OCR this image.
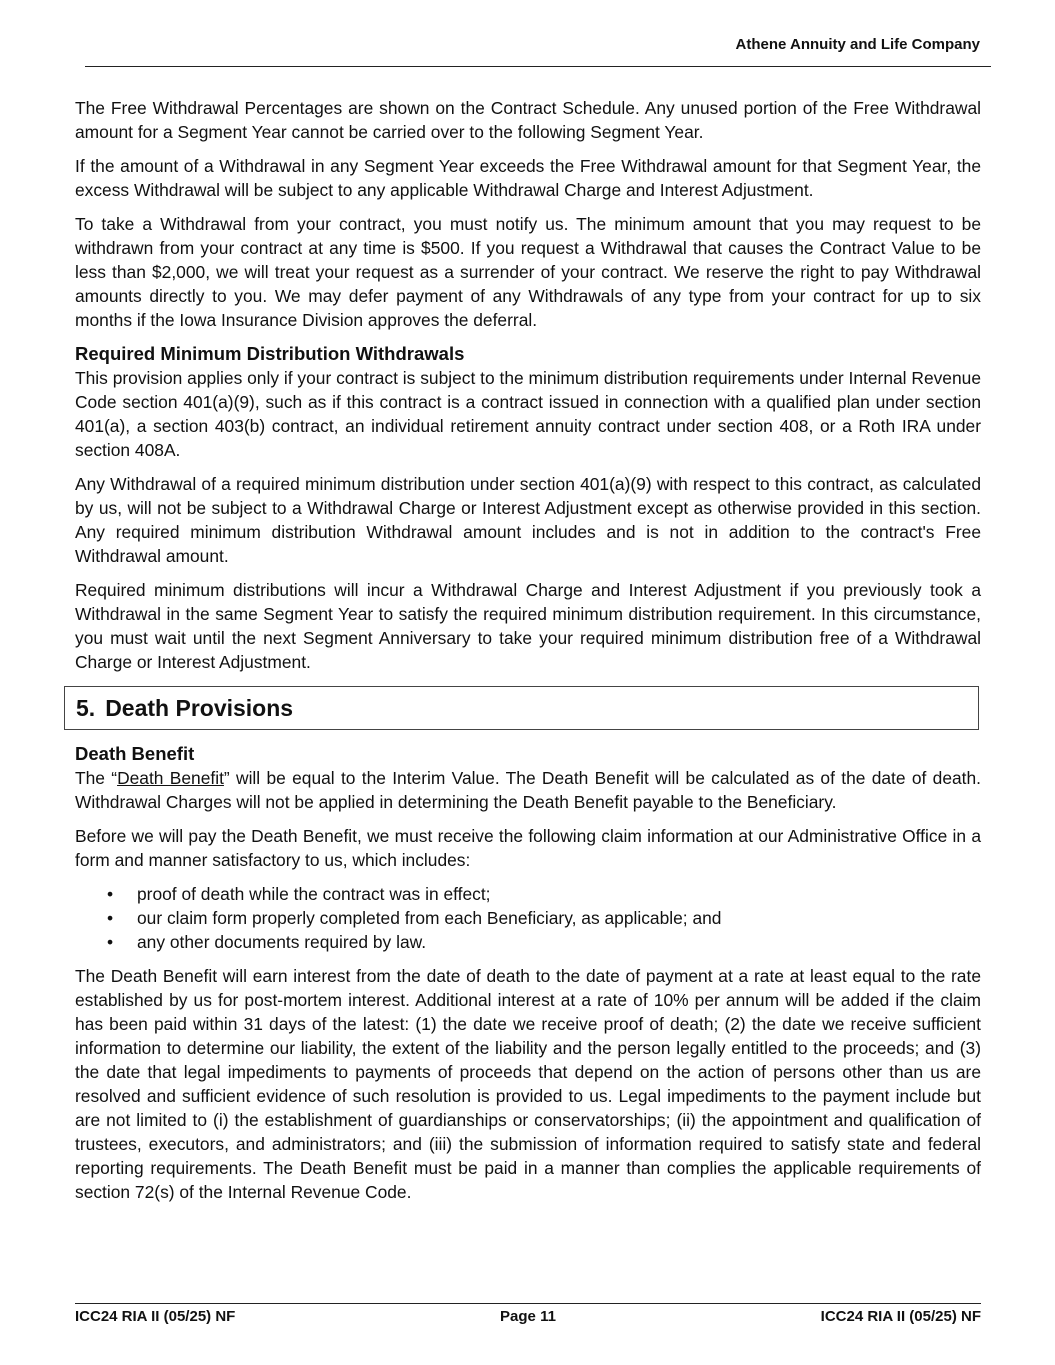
Athene Annuity and Life Company

The Free Withdrawal Percentages are shown on the Contract Schedule. Any unused portion of the Free Withdrawal amount for a Segment Year cannot be carried over to the following Segment Year.

If the amount of a Withdrawal in any Segment Year exceeds the Free Withdrawal amount for that Segment Year, the excess Withdrawal will be subject to any applicable Withdrawal Charge and Interest Adjustment.

To take a Withdrawal from your contract, you must notify us. The minimum amount that you may request to be withdrawn from your contract at any time is $500. If you request a Withdrawal that causes the Contract Value to be less than $2,000, we will treat your request as a surrender of your contract. We reserve the right to pay Withdrawal amounts directly to you. We may defer payment of any Withdrawals of any type from your contract for up to six months if the Iowa Insurance Division approves the deferral.

Required Minimum Distribution Withdrawals

This provision applies only if your contract is subject to the minimum distribution requirements under Internal Revenue Code section 401(a)(9), such as if this contract is a contract issued in connection with a qualified plan under section 401(a), a section 403(b) contract, an individual retirement annuity contract under section 408, or a Roth IRA under section 408A.

Any Withdrawal of a required minimum distribution under section 401(a)(9) with respect to this contract, as calculated by us, will not be subject to a Withdrawal Charge or Interest Adjustment except as otherwise provided in this section. Any required minimum distribution Withdrawal amount includes and is not in addition to the contract's Free Withdrawal amount.

Required minimum distributions will incur a Withdrawal Charge and Interest Adjustment if you previously took a Withdrawal in the same Segment Year to satisfy the required minimum distribution requirement. In this circumstance, you must wait until the next Segment Anniversary to take your required minimum distribution free of a Withdrawal Charge or Interest Adjustment.

5. Death Provisions
Death Benefit

The “Death Benefit” will be equal to the Interim Value. The Death Benefit will be calculated as of the date of death. Withdrawal Charges will not be applied in determining the Death Benefit payable to the Beneficiary.

Before we will pay the Death Benefit, we must receive the following claim information at our Administrative Office in a form and manner satisfactory to us, which includes:

• proof of death while the contract was in effect;
• our claim form properly completed from each Beneficiary, as applicable; and
• any other documents required by law.

The Death Benefit will earn interest from the date of death to the date of payment at a rate at least equal to the rate established by us for post-mortem interest. Additional interest at a rate of 10% per annum will be added if the claim has been paid within 31 days of the latest: (1) the date we receive proof of death; (2) the date we receive sufficient information to determine our liability, the extent of the liability and the person legally entitled to the proceeds; and (3) the date that legal impediments to payments of proceeds that depend on the action of persons other than us are resolved and sufficient evidence of such resolution is provided to us. Legal impediments to the payment include but are not limited to (i) the establishment of guardianships or conservatorships; (ii) the appointment and qualification of trustees, executors, and administrators; and (iii) the submission of information required to satisfy state and federal reporting requirements. The Death Benefit must be paid in a manner than complies the applicable requirements of section 72(s) of the Internal Revenue Code.

ICC24 RIA II (05/25) NF	Page 11	ICC24 RIA II (05/25) NF
